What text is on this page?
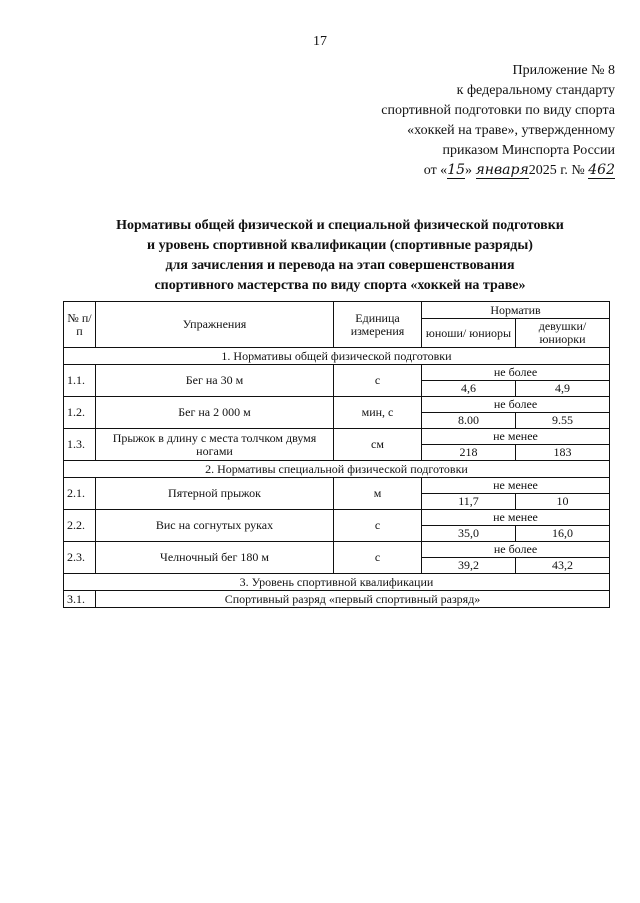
17
Приложение № 8
к федеральному стандарту
спортивной подготовки по виду спорта
«хоккей на траве», утвержденному
приказом Минспорта России
от «15» января2025 г. № 462
Нормативы общей физической и специальной физической подготовки
и уровень спортивной квалификации (спортивные разряды)
для зачисления и перевода на этап совершенствования
спортивного мастерства по виду спорта «хоккей на траве»
№ п/п	Упражнения	Единица измерения	Норматив	
			юноши/ юниоры	девушки/ юниорки
1. Нормативы общей физической подготовки				
1.1.	Бег на 30 м	с	не более	
			4,6	4,9
1.2.	Бег на 2 000 м	мин, с	не более	
			8.00	9.55
1.3.	Прыжок в длину с места толчком двумя ногами	см	не менее	
			218	183
2. Нормативы специальной физической подготовки				
2.1.	Пятерной прыжок	м	не менее	
			11,7	10
2.2.	Вис на согнутых руках	с	не менее	
			35,0	16,0
2.3.	Челночный бег 180 м	с	не более	
			39,2	43,2
3. Уровень спортивной квалификации				
3.1.	Спортивный разряд «первый спортивный разряд»			
